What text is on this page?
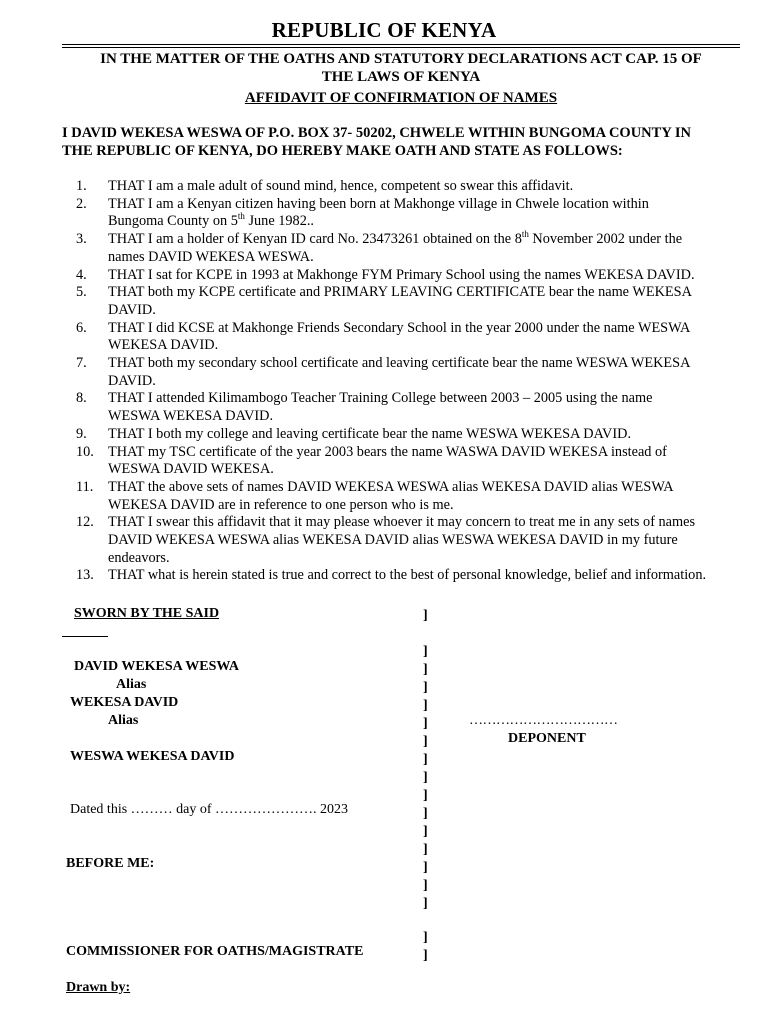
REPUBLIC OF KENYA
IN THE MATTER OF THE OATHS AND STATUTORY DECLARATIONS ACT CAP. 15 OF
THE LAWS OF KENYA
AFFIDAVIT OF CONFIRMATION OF NAMES
I DAVID WEKESA WESWA OF P.O. BOX 37- 50202, CHWELE WITHIN BUNGOMA COUNTY IN
THE REPUBLIC OF KENYA, DO HEREBY MAKE OATH AND STATE AS FOLLOWS:
1.	THAT I am a male adult of sound mind, hence, competent so swear this affidavit.
2.	THAT I am a Kenyan citizen having been born at Makhonge village in Chwele location within
Bungoma County on 5th June 1982..
3.	THAT I am a holder of Kenyan ID card No. 23473261 obtained on the 8th November 2002 under the
names DAVID WEKESA WESWA.
4.	THAT I sat for KCPE in 1993 at Makhonge FYM Primary School using the names WEKESA DAVID.
5.	THAT both my KCPE certificate and PRIMARY LEAVING CERTIFICATE bear the name WEKESA
DAVID.
6.	THAT I did KCSE at Makhonge Friends Secondary School in the year 2000 under the name WESWA
WEKESA DAVID.
7.	THAT both my secondary school certificate and leaving certificate bear the name WESWA WEKESA
DAVID.
8.	THAT I attended Kilimambogo Teacher Training College between 2003 – 2005 using the name
WESWA WEKESA DAVID.
9.	THAT I both my college and leaving certificate bear the name WESWA WEKESA DAVID.
10. THAT my TSC certificate of the year 2003 bears the name WASWA DAVID WEKESA instead of
WESWA DAVID WEKESA.
11.	THAT the above sets of names DAVID WEKESA WESWA alias WEKESA DAVID alias WESWA
WEKESA DAVID are in reference to one person who is me.
12. THAT I swear this affidavit that it may please whoever it may concern to treat me in any sets of names
DAVID WEKESA WESWA alias WEKESA DAVID alias WESWA WEKESA DAVID in my future
endeavors.
13. THAT what is herein stated is true and correct to the best of personal knowledge, belief and information.
SWORN BY THE SAID
DAVID WEKESA WESWA
Alias
WEKESA DAVID
Alias
WESWA WEKESA DAVID
Dated this ……… day of …………………. 2023
BEFORE ME:
COMMISSIONER FOR OATHS/MAGISTRATE
Drawn by:
]
]
]
]
]
]
]
]
]
]
]
]
]
]
]
]
]
]
……………………………
DEPONENT
